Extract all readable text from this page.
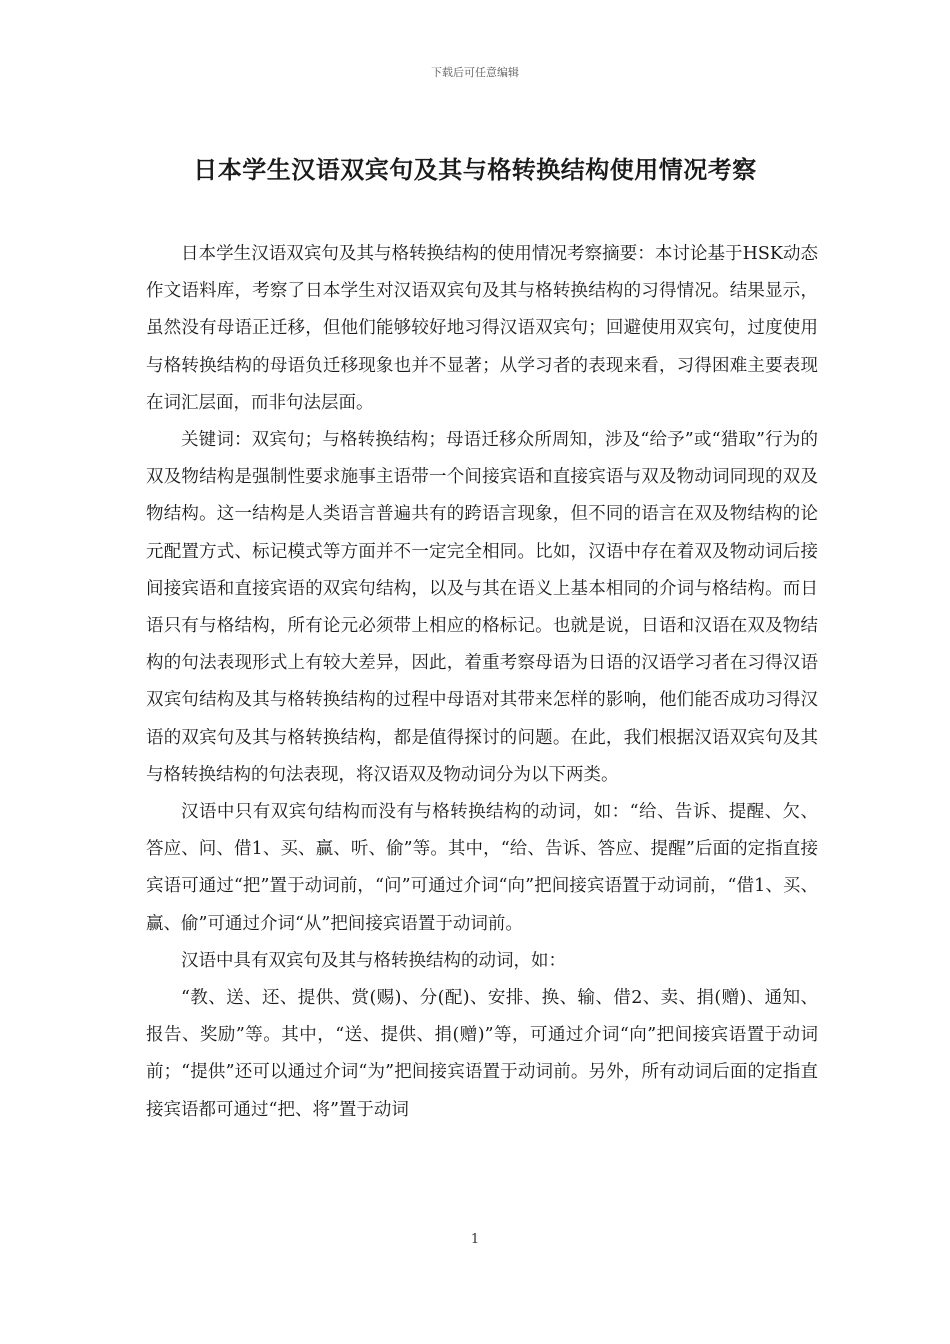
下载后可任意编辑
日本学生汉语双宾句及其与格转换结构使用情况考察

日本学生汉语双宾句及其与格转换结构的使用情况考察摘要：本讨论基于HSK动态作文语料库，考察了日本学生对汉语双宾句及其与格转换结构的习得情况。结果显示，虽然没有母语正迁移，但他们能够较好地习得汉语双宾句；回避使用双宾句，过度使用与格转换结构的母语负迁移现象也并不显著；从学习者的表现来看，习得困难主要表现在词汇层面，而非句法层面。

关键词：双宾句；与格转换结构；母语迁移众所周知，涉及“给予”或“猎取”行为的双及物结构是强制性要求施事主语带一个间接宾语和直接宾语与双及物动词同现的双及物结构。这一结构是人类语言普遍共有的跨语言现象，但不同的语言在双及物结构的论元配置方式、标记模式等方面并不一定完全相同。比如，汉语中存在着双及物动词后接间接宾语和直接宾语的双宾句结构，以及与其在语义上基本相同的介词与格结构。而日语只有与格结构，所有论元必须带上相应的格标记。也就是说，日语和汉语在双及物结构的句法表现形式上有较大差异，因此，着重考察母语为日语的汉语学习者在习得汉语双宾句结构及其与格转换结构的过程中母语对其带来怎样的影响，他们能否成功习得汉语的双宾句及其与格转换结构，都是值得探讨的问题。在此，我们根据汉语双宾句及其与格转换结构的句法表现，将汉语双及物动词分为以下两类。

汉语中只有双宾句结构而没有与格转换结构的动词，如：“给、告诉、提醒、欠、答应、问、借1、买、赢、听、偷”等。其中，“给、告诉、答应、提醒”后面的定指直接宾语可通过“把”置于动词前，“问”可通过介词“向”把间接宾语置于动词前，“借1、买、赢、偷”可通过介词“从”把间接宾语置于动词前。

汉语中具有双宾句及其与格转换结构的动词，如：

“教、送、还、提供、赏(赐)、分(配)、安排、换、输、借2、卖、捐(赠)、通知、报告、奖励”等。其中，“送、提供、捐(赠)”等，可通过介词“向”把间接宾语置于动词前；“提供”还可以通过介词“为”把间接宾语置于动词前。另外，所有动词后面的定指直接宾语都可通过“把、将”置于动词

1
